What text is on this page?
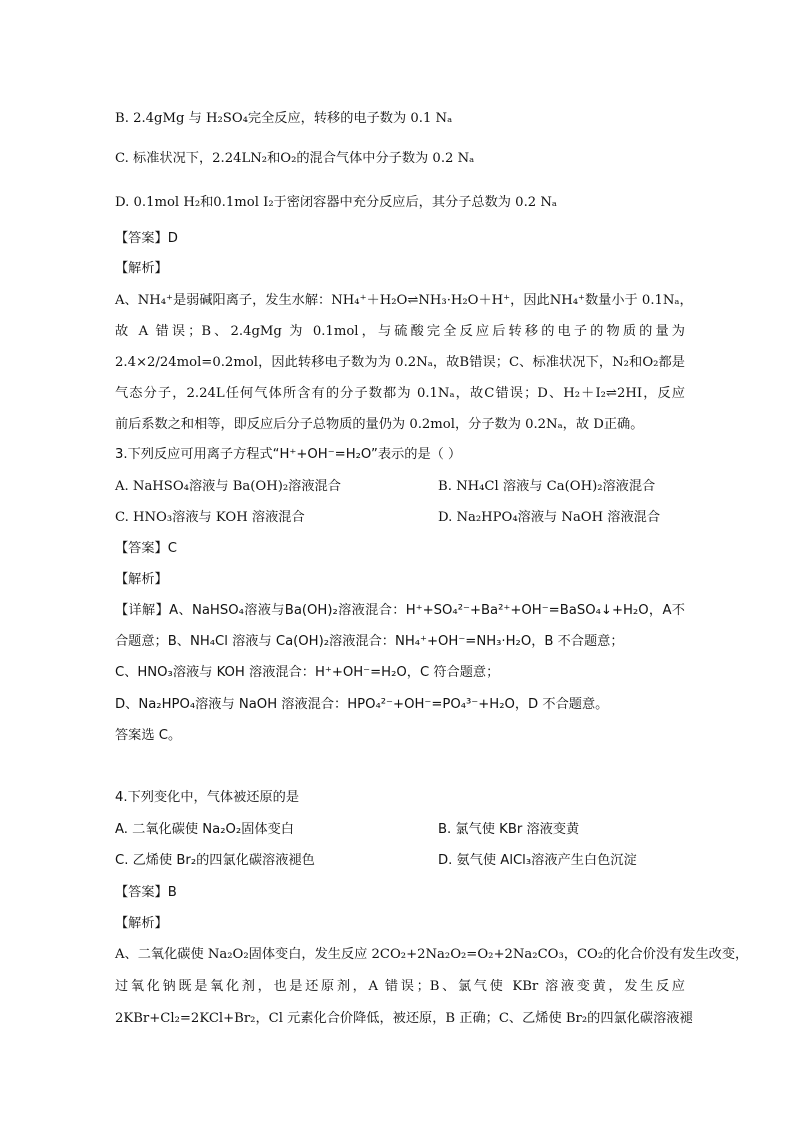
B. 2.4gMg 与 H₂SO₄完全反应，转移的电子数为 0.1 Nₐ
C. 标准状况下，2.24LN₂和O₂的混合气体中分子数为 0.2 Nₐ
D. 0.1mol H₂和0.1mol I₂于密闭容器中充分反应后，其分子总数为 0.2 Nₐ
【答案】D
【解析】
A、NH₄⁺是弱碱阳离子，发生水解：NH₄⁺＋H₂O⇌NH₃·H₂O＋H⁺，因此NH₄⁺数量小于 0.1Nₐ，
故 A 错误；B、2.4gMg 为 0.1mol，与硫酸完全反应后转移的电子的物质的量为
2.4×2/24mol=0.2mol，因此转移电子数为为 0.2Nₐ，故B错误；C、标准状况下，N₂和O₂都是
气态分子，2.24L任何气体所含有的分子数都为 0.1Nₐ，故C错误；D、H₂＋I₂⇌2HI，反应
前后系数之和相等，即反应后分子总物质的量仍为 0.2mol，分子数为 0.2Nₐ，故 D正确。
3.下列反应可用离子方程式“H⁺+OH⁻=H₂O”表示的是（ ）
A. NaHSO₄溶液与 Ba(OH)₂溶液混合	B. NH₄Cl 溶液与 Ca(OH)₂溶液混合
C. HNO₃溶液与 KOH 溶液混合	D. Na₂HPO₄溶液与 NaOH 溶液混合
【答案】C
【解析】
【详解】A、NaHSO₄溶液与Ba(OH)₂溶液混合：H⁺+SO₄²⁻+Ba²⁺+OH⁻=BaSO₄↓+H₂O，A不
合题意；B、NH₄Cl 溶液与 Ca(OH)₂溶液混合：NH₄⁺+OH⁻=NH₃·H₂O，B 不合题意；
C、HNO₃溶液与 KOH 溶液混合：H⁺+OH⁻=H₂O，C 符合题意；
D、Na₂HPO₄溶液与 NaOH 溶液混合：HPO₄²⁻+OH⁻=PO₄³⁻+H₂O，D 不合题意。
答案选 C。
4.下列变化中，气体被还原的是
A. 二氧化碳使 Na₂O₂固体变白	B. 氯气使 KBr 溶液变黄
C. 乙烯使 Br₂的四氯化碳溶液褪色	D. 氨气使 AlCl₃溶液产生白色沉淀
【答案】B
【解析】
A、二氧化碳使 Na₂O₂固体变白，发生反应 2CO₂+2Na₂O₂=O₂+2Na₂CO₃，CO₂的化合价没有发生改变，
过氧化钠既是氧化剂，也是还原剂，A 错误；B、氯气使 KBr 溶液变黄，发生反应
2KBr+Cl₂=2KCl+Br₂，Cl 元素化合价降低，被还原，B 正确；C、乙烯使 Br₂的四氯化碳溶液褪
